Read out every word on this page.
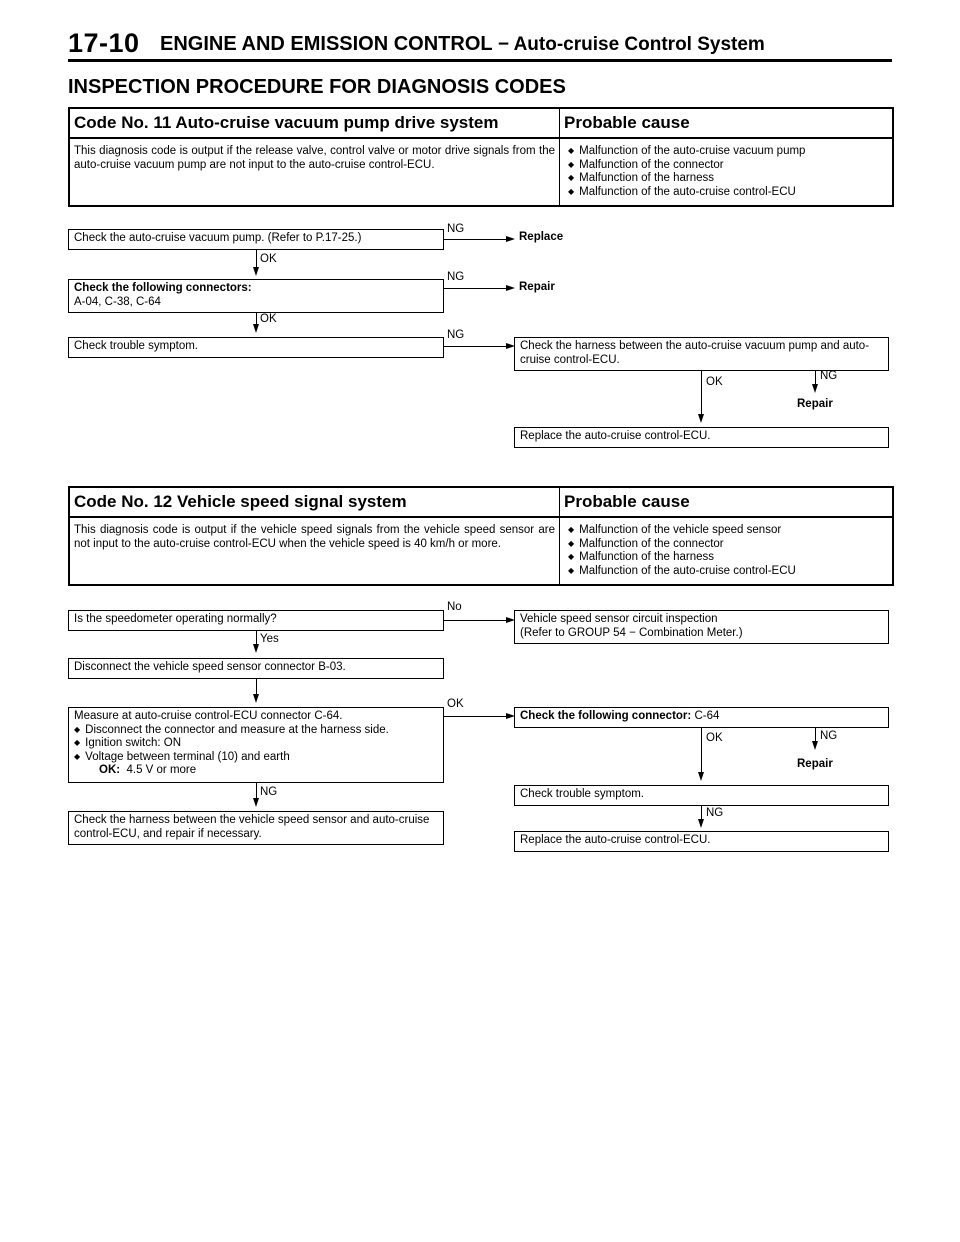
17-10 ENGINE AND EMISSION CONTROL − Auto-cruise Control System
INSPECTION PROCEDURE FOR DIAGNOSIS CODES
Code No. 11 Auto-cruise vacuum pump drive system	Probable cause
This diagnosis code is output if the release valve, control valve or motor drive signals from the auto-cruise vacuum pump are not input to the auto-cruise control-ECU.
◆ Malfunction of the auto-cruise vacuum pump
◆ Malfunction of the connector
◆ Malfunction of the harness
◆ Malfunction of the auto-cruise control-ECU
Check the auto-cruise vacuum pump. (Refer to P.17-25.)
NG
Replace
OK
Check the following connectors:
A-04, C-38, C-64
NG
Repair
OK
Check trouble symptom.
NG
Check the harness between the auto-cruise vacuum pump and auto-cruise control-ECU.
OK	NG
Repair
Replace the auto-cruise control-ECU.
Code No. 12 Vehicle speed signal system	Probable cause
This diagnosis code is output if the vehicle speed signals from the vehicle speed sensor are not input to the auto-cruise control-ECU when the vehicle speed is 40 km/h or more.
◆ Malfunction of the vehicle speed sensor
◆ Malfunction of the connector
◆ Malfunction of the harness
◆ Malfunction of the auto-cruise control-ECU
Is the speedometer operating normally?
No
Vehicle speed sensor circuit inspection
(Refer to GROUP 54 − Combination Meter.)
Yes
Disconnect the vehicle speed sensor connector B-03.
Measure at auto-cruise control-ECU connector C-64.
◆ Disconnect the connector and measure at the harness side.
◆ Ignition switch: ON
◆ Voltage between terminal (10) and earth
OK: 4.5 V or more
OK
Check the following connector: C-64
OK	NG
Repair
Check trouble symptom.
NG
Replace the auto-cruise control-ECU.
NG
Check the harness between the vehicle speed sensor and auto-cruise control-ECU, and repair if necessary.
